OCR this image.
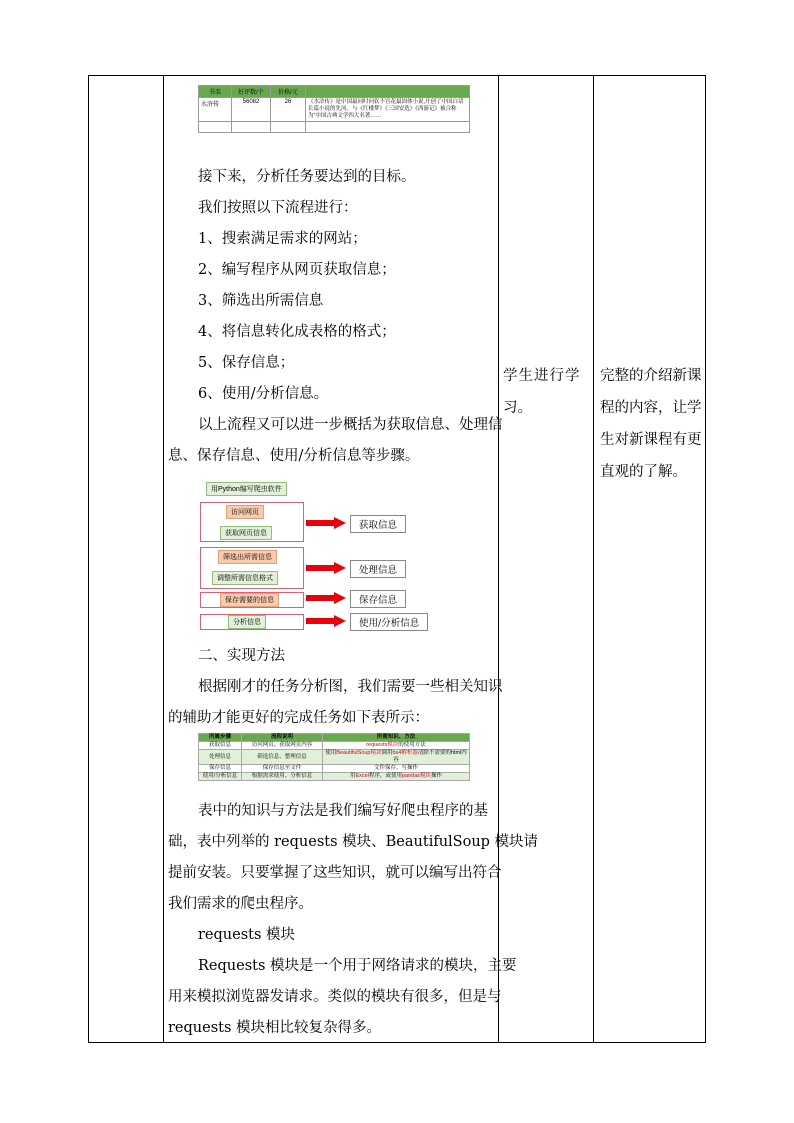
书名	好评数/个	价格/元	
水浒传	56082	26	《水浒传》是中国最同时向钦不宫花最固体小说,开创了中国白话长篇小说的先河。与《红楼梦》《三国安选》《西游记》被合称为“中国古典文学四大名著……

接下来，分析任务要达到的目标。
我们按照以下流程进行：
1、搜索满足需求的网站；
2、编写程序从网页获取信息；
3、筛选出所需信息
4、将信息转化成表格的格式；
5、保存信息；
6、使用/分析信息。
以上流程又可以进一步概括为获取信息、处理信
息、保存信息、使用/分析信息等步骤。
用Python编写爬虫软件
访问网页
获取网页信息
筛选出所需信息
调整所需信息格式
保存需要的信息
分析信息
获取信息
处理信息
保存信息
使用/分析信息
二、实现方法
根据刚才的任务分析图，我们需要一些相关知识
的辅助才能更好的完成任务如下表所示：
所属步骤	流程说明	所需知识、方法
获取信息	访问网页、获取网页内容	requests模块的使用方法
处理信息	筛选信息、整理信息	使用BeautifulSoup模块调用bs4解析器清除不需要的html内容
保存信息	保存信息至文件	文件保存、写操作
使用/分析信息	根据需求使用、分析信息	用Excel程序，或使用pandas模块操作
表中的知识与方法是我们编写好爬虫程序的基
础，表中列举的 requests 模块、BeautifulSoup 模块请
提前安装。只要掌握了这些知识，就可以编写出符合
我们需求的爬虫程序。
requests 模块
Requests 模块是一个用于网络请求的模块，主要
用来模拟浏览器发请求。类似的模块有很多，但是与
requests 模块相比较复杂得多。
学生进行学
习。
完整的介绍新课
程的内容，让学
生对新课程有更
直观的了解。
